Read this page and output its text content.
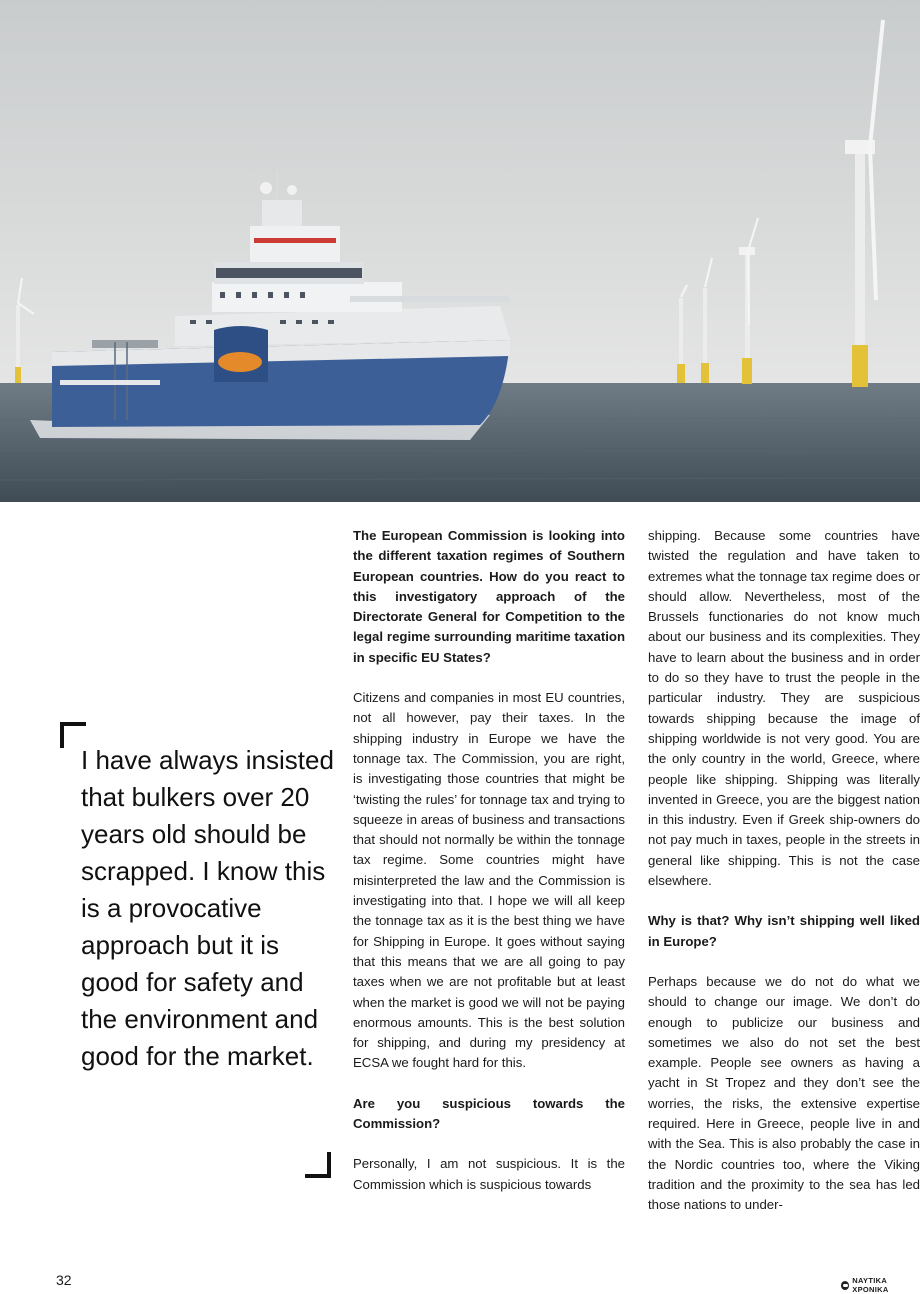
The European Commission is looking into the different taxation regimes of Southern European countries. How do you react to this investigatory approach of the Directorate General for Competition to the legal regime surrounding maritime taxation in specific EU States?

Citizens and companies in most EU countries, not all however, pay their taxes. In the shipping industry in Europe we have the tonnage tax. The Commission, you are right, is investigating those countries that might be ‘twisting the rules’ for tonnage tax and trying to squeeze in areas of business and transactions that should not normally be within the tonnage tax regime. Some countries might have misinterpreted the law and the Commission is investigating into that. I hope we will all keep the tonnage tax as it is the best thing we have for Shipping in Europe. It goes without saying that this means that we are all going to pay taxes when we are not profitable but at least when the market is good we will not be paying enormous amounts. This is the best solution for shipping, and during my presidency at ECSA we fought hard for this.

Are you suspicious towards the Commission?

Personally, I am not suspicious. It is the Commission which is suspicious towards

shipping. Because some countries have twisted the regulation and have taken to extremes what the tonnage tax regime does or should allow. Nevertheless, most of the Brussels functionaries do not know much about our business and its complexities. They have to learn about the business and in order to do so they have to trust the people in the particular industry. They are suspicious towards shipping because the image of shipping worldwide is not very good. You are the only country in the world, Greece, where people like shipping. Shipping was literally invented in Greece, you are the biggest nation in this industry. Even if Greek ship-owners do not pay much in taxes, people in the streets in general like shipping. This is not the case elsewhere.

Why is that? Why isn’t shipping well liked in Europe?

Perhaps because we do not do what we should to change our image. We don’t do enough to publicize our business and sometimes we also do not set the best example. People see owners as having a yacht in St Tropez and they don’t see the worries, the risks, the extensive expertise required. Here in Greece, people live in and with the Sea. This is also probably the case in the Nordic countries too, where the Viking tradition and the proximity to the sea has led those nations to under-

I have always insisted that bulkers over 20 years old should be scrapped. I know this is a provocative approach but it is good for safety and the environment and good for the market.
32	ΝΑΥΤΙΚΑ ΧΡΟΝΙΚΑ
